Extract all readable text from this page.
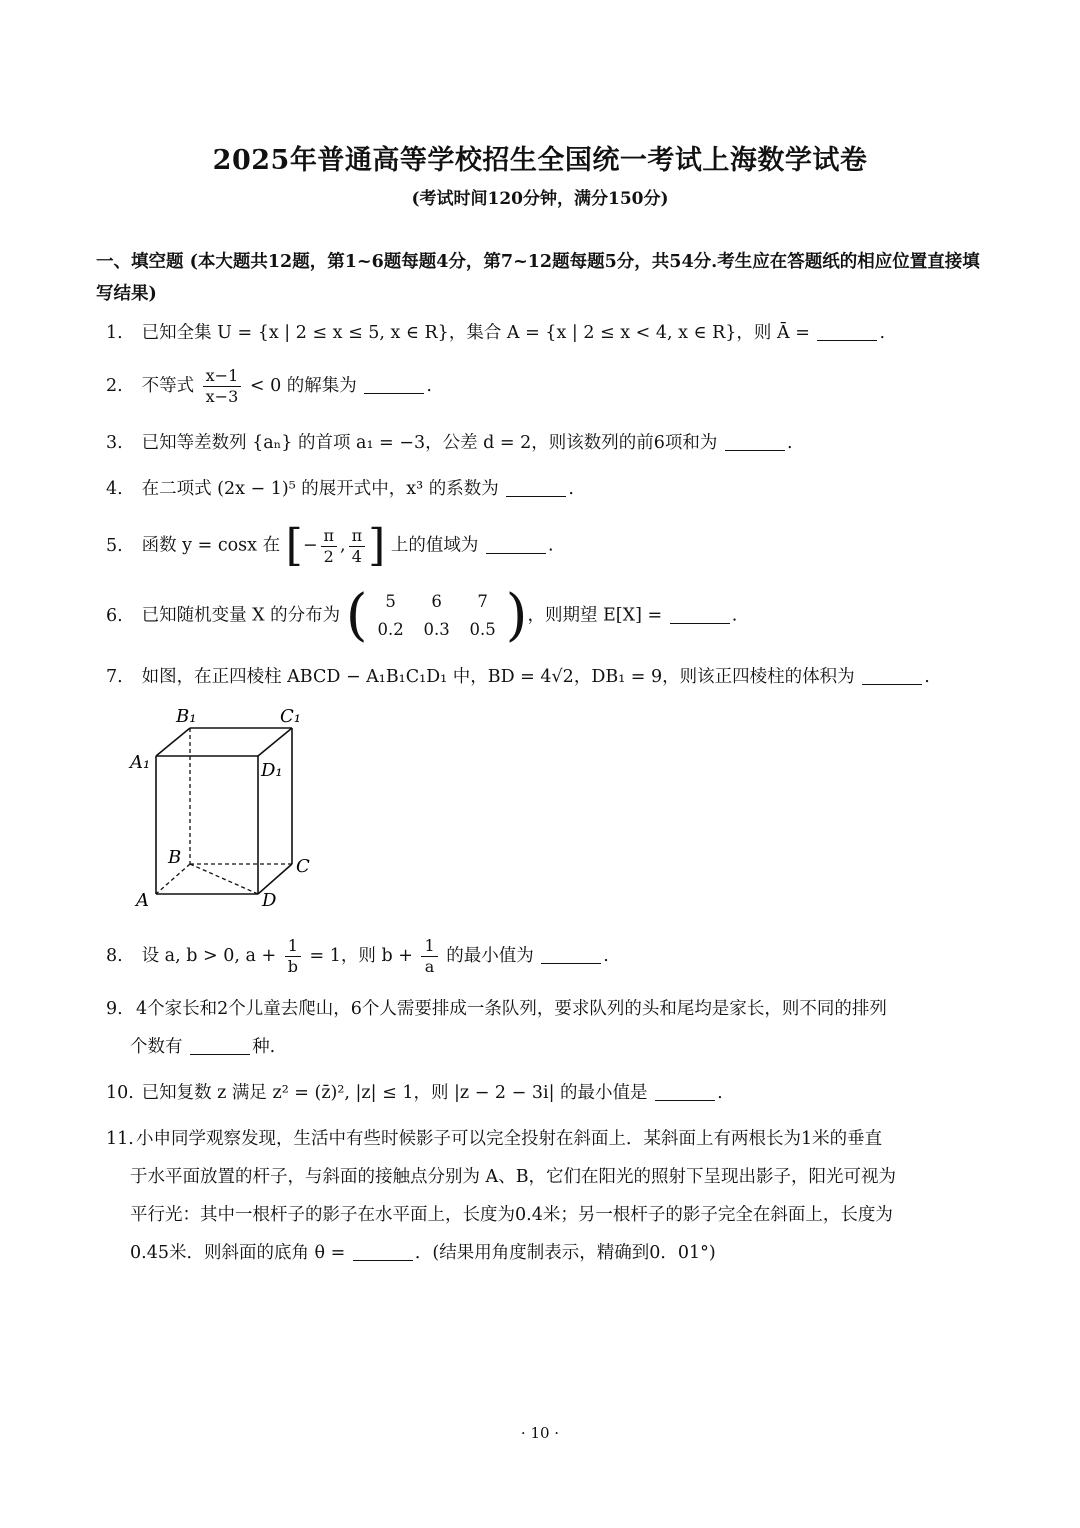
2025年普通高等学校招生全国统一考试上海数学试卷
(考试时间120分钟，满分150分)
一、填空题 (本大题共12题，第1~6题每题4分，第7~12题每题5分，共54分.考生应在答题纸的相应位置直接填写结果)
1. 已知全集 U = {x | 2 ≤ x ≤ 5, x ∈ R}，集合 A = {x | 2 ≤ x < 4, x ∈ R}，则 Ā =	.
2. 不等式 $\frac{x-1}{x-3} < 0$ 的解集为	.
3. 已知等差数列 {aₙ} 的首项 a₁ = −3，公差 d = 2，则该数列的前6项和为	.
4. 在二项式 (2x − 1)⁵ 的展开式中，x³ 的系数为	.
5. 函数 y = cosx 在 [− $\frac{\pi}{2}$ , $\frac{\pi}{4}$ ] 上的值域为	.
6. 已知随机变量 X 的分布为 (	5 6 7
0.2 0.3 0.5 )，则期望 E[X] =	.
7. 如图，在正四棱柱 ABCD − A₁B₁C₁D₁ 中，BD = 4√2，DB₁ = 9，则该正四棱柱的体积为	.
B₁	C₁
A₁	D₁
B	C
A	D
8. 设 a, b > 0, $a + \frac{1}{b} = 1$，则 $b + \frac{1}{a}$ 的最小值为	.
9. 4个家长和2个儿童去爬山，6个人需要排成一条队列，要求队列的头和尾均是家长，则不同的排列
个数有	种.
10. 已知复数 z 满足 z² = (z̄)², |z| ≤ 1，则 |z − 2 − 3i| 的最小值是	.
11. 小申同学观察发现，生活中有些时候影子可以完全投射在斜面上．某斜面上有两根长为1米的垂直
于水平面放置的杆子，与斜面的接触点分别为 A、B，它们在阳光的照射下呈现出影子，阳光可视为
平行光：其中一根杆子的影子在水平面上，长度为0.4米；另一根杆子的影子完全在斜面上，长度为
0.45米．则斜面的底角 θ =	．(结果用角度制表示，精确到0．01°)
· 10 ·
